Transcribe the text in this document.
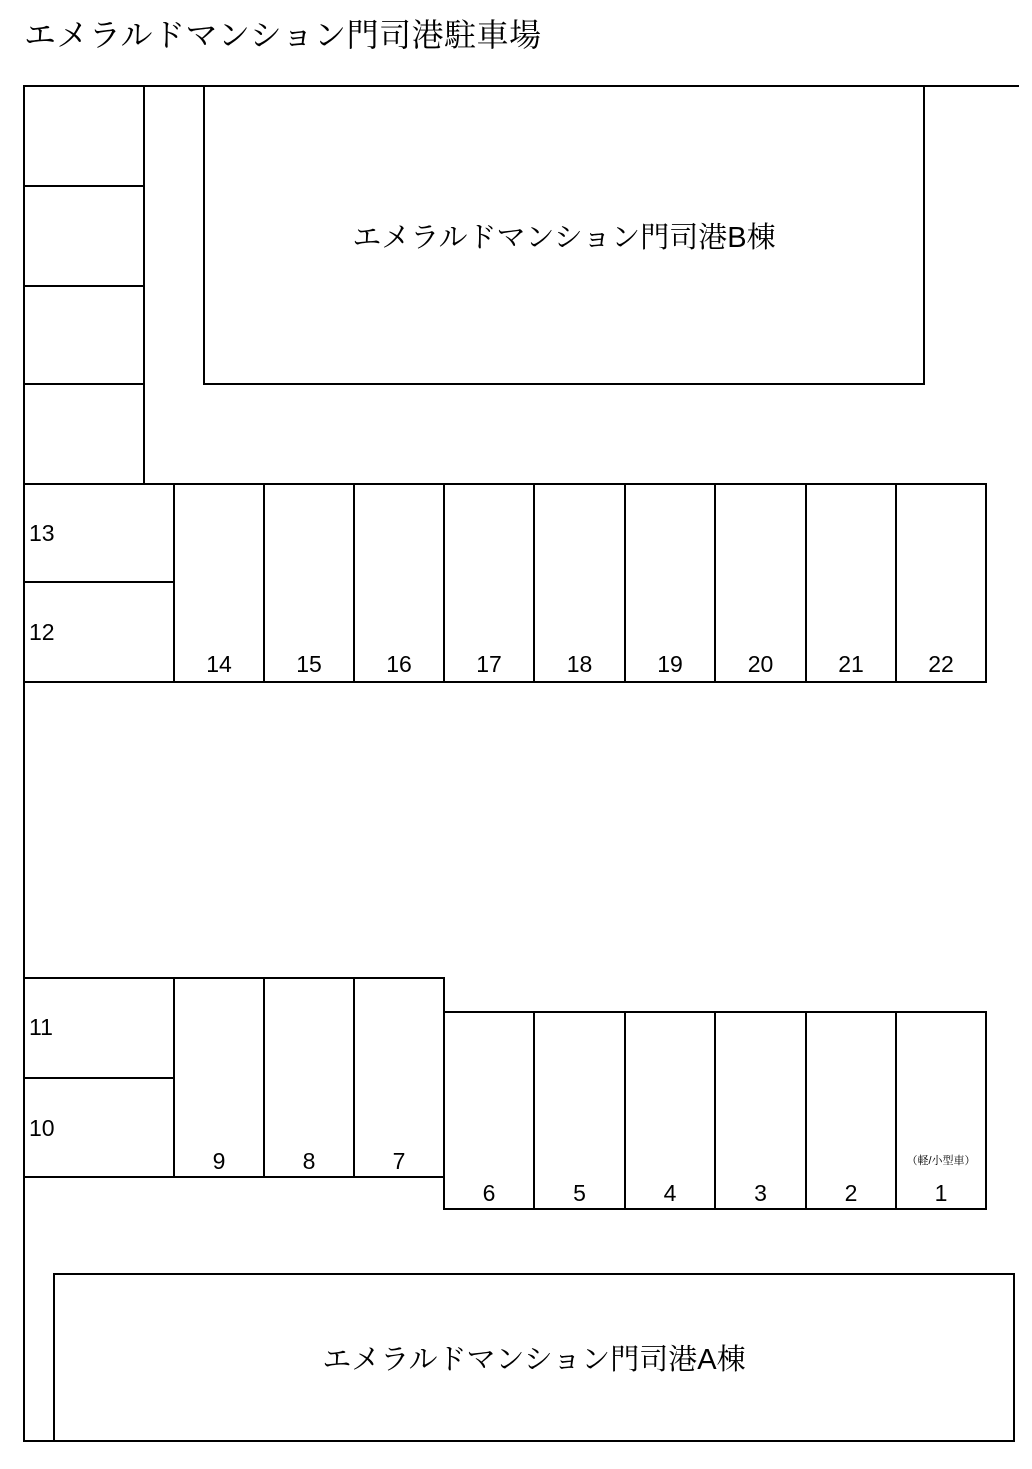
エメラルドマンション門司港駐車場
エメラルドマンション門司港B棟
エメラルドマンション門司港A棟
13
12
14	15	16	17	18	19	20	21	22
11
10
9	8	7
6	5	4	3	2
（軽/小型車）
1
